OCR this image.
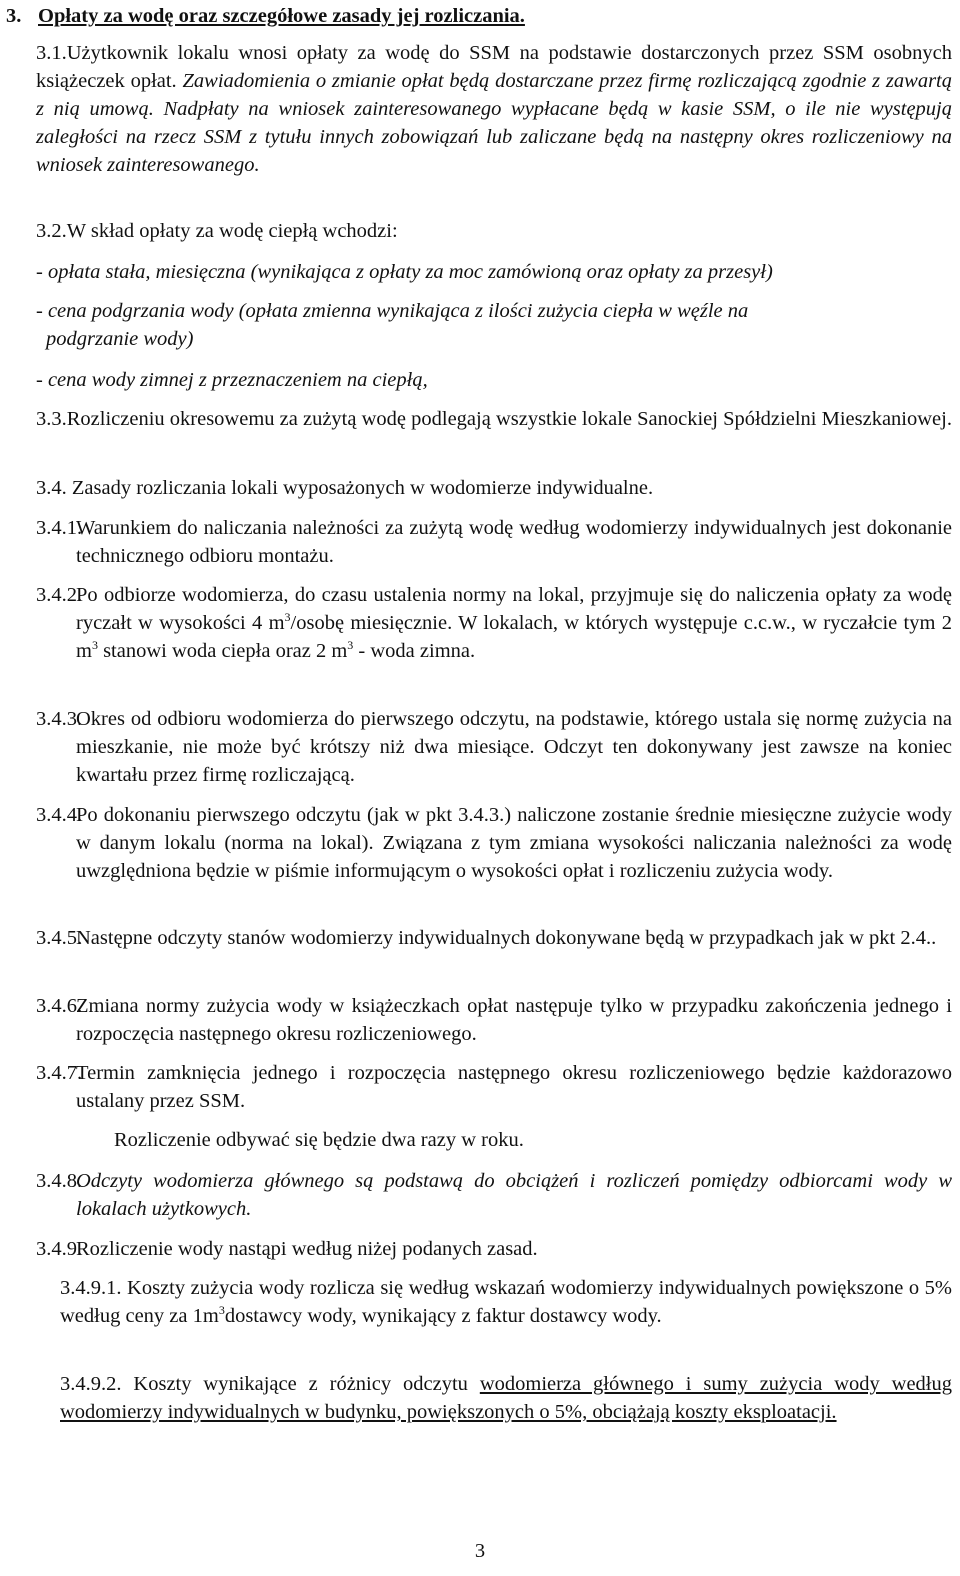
3. Opłaty za wodę oraz szczegółowe zasady jej rozliczania.
3.1.Użytkownik lokalu wnosi opłaty za wodę do SSM na podstawie dostarczonych przez SSM osobnych książeczek opłat. Zawiadomienia o zmianie opłat będą dostarczane przez firmę rozliczającą zgodnie z zawartą z nią umową. Nadpłaty na wniosek zainteresowanego wypłacane będą w kasie SSM, o ile nie występują zaległości na rzecz SSM z tytułu innych zobowiązań lub zaliczane będą na następny okres rozliczeniowy na wniosek zainteresowanego.
3.2.W skład opłaty za wodę ciepłą wchodzi:
- opłata stała, miesięczna (wynikająca z opłaty za moc zamówioną oraz opłaty za przesył)
- cena podgrzania wody (opłata zmienna wynikająca z ilości zużycia ciepła w węźle na
podgrzanie wody)
- cena wody zimnej z przeznaczeniem na ciepłą,
3.3.Rozliczeniu okresowemu za zużytą wodę podlegają wszystkie lokale Sanockiej Spółdzielni Mieszkaniowej.
3.4. Zasady rozliczania lokali wyposażonych w wodomierze indywidualne.
3.4.1.
Warunkiem do naliczania należności za zużytą wodę według wodomierzy indywidualnych jest dokonanie technicznego odbioru montażu.
3.4.2.
Po odbiorze wodomierza, do czasu ustalenia normy na lokal, przyjmuje się do naliczenia opłaty za wodę ryczałt w wysokości 4 $m^3$/osobę miesięcznie. W lokalach, w których występuje c.c.w., w ryczałcie tym 2 $m^3$ stanowi woda ciepła oraz 2 $m^3$ - woda zimna.
3.4.3.
Okres od odbioru wodomierza do pierwszego odczytu, na podstawie, którego ustala się normę zużycia na mieszkanie, nie może być krótszy niż dwa miesiące. Odczyt ten dokonywany jest zawsze na koniec kwartału przez firmę rozliczającą.
3.4.4.
Po dokonaniu pierwszego odczytu (jak w pkt 3.4.3.) naliczone zostanie średnie miesięczne zużycie wody w danym lokalu (norma na lokal). Związana z tym zmiana wysokości naliczania należności za wodę uwzględniona będzie w piśmie informującym o wysokości opłat i rozliczeniu zużycia wody.
3.4.5.
Następne odczyty stanów wodomierzy indywidualnych dokonywane będą w przypadkach jak w pkt 2.4..
3.4.6.
Zmiana normy zużycia wody w książeczkach opłat następuje tylko w przypadku zakończenia jednego i rozpoczęcia następnego okresu rozliczeniowego.
3.4.7.
Termin zamknięcia jednego i rozpoczęcia następnego okresu rozliczeniowego będzie każdorazowo ustalany przez SSM.
Rozliczenie odbywać się będzie dwa razy w roku.
3.4.8.
Odczyty wodomierza głównego są podstawą do obciążeń i rozliczeń pomiędzy odbiorcami wody w lokalach użytkowych.
3.4.9.
Rozliczenie wody nastąpi według niżej podanych zasad.
3.4.9.1. Koszty zużycia wody rozlicza się według wskazań wodomierzy indywidualnych powiększone o 5% według ceny za $1m^3dostawcy$ wody, wynikający z faktur dostawcy wody.
3.4.9.2. Koszty wynikające z różnicy odczytu wodomierza głównego i sumy zużycia wody według wodomierzy indywidualnych w budynku, powiększonych o 5%, obciążają koszty eksploatacji.
3
